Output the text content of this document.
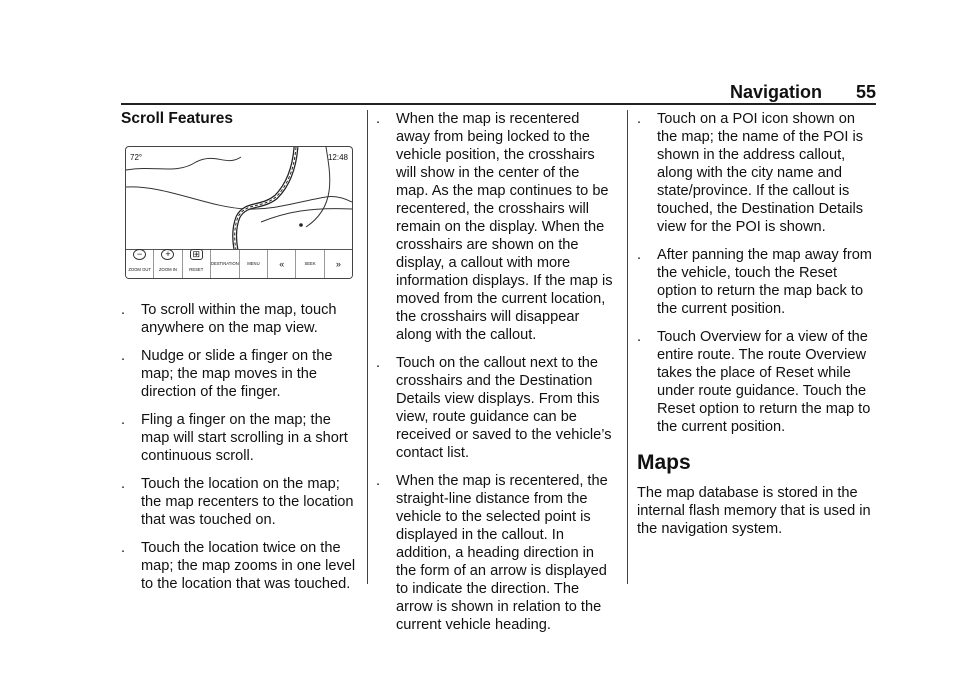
Navigation 55
Scroll Features
72°	12:48
−
ZOOM OUT
+
ZOOM IN
⊞
RESET
DESTINATION MENU «	SEEK »
. To scroll within the map, touch anywhere on the map view.
. Nudge or slide a finger on the map; the map moves in the direction of the finger.
. Fling a finger on the map; the map will start scrolling in a short continuous scroll.
. Touch the location on the map; the map recenters to the location that was touched on.
. Touch the location twice on the map; the map zooms in one level to the location that was touched.
. When the map is recentered away from being locked to the vehicle position, the crosshairs will show in the center of the map. As the map continues to be recentered, the crosshairs will remain on the display. When the crosshairs are shown on the display, a callout with more information displays. If the map is moved from the current location, the crosshairs will disappear along with the callout.
. Touch on the callout next to the crosshairs and the Destination Details view displays. From this view, route guidance can be received or saved to the vehicle’s contact list.
. When the map is recentered, the straight-line distance from the vehicle to the selected point is displayed in the callout. In addition, a heading direction in the form of an arrow is displayed to indicate the direction. The arrow is shown in relation to the current vehicle heading.
. Touch on a POI icon shown on the map; the name of the POI is shown in the address callout, along with the city name and state/province. If the callout is touched, the Destination Details view for the POI is shown.
. After panning the map away from the vehicle, touch the Reset option to return the map back to the current position.
. Touch Overview for a view of the entire route. The route Overview takes the place of Reset while under route guidance. Touch the Reset option to return the map to the current position.
Maps

The map database is stored in the internal flash memory that is used in the navigation system.
